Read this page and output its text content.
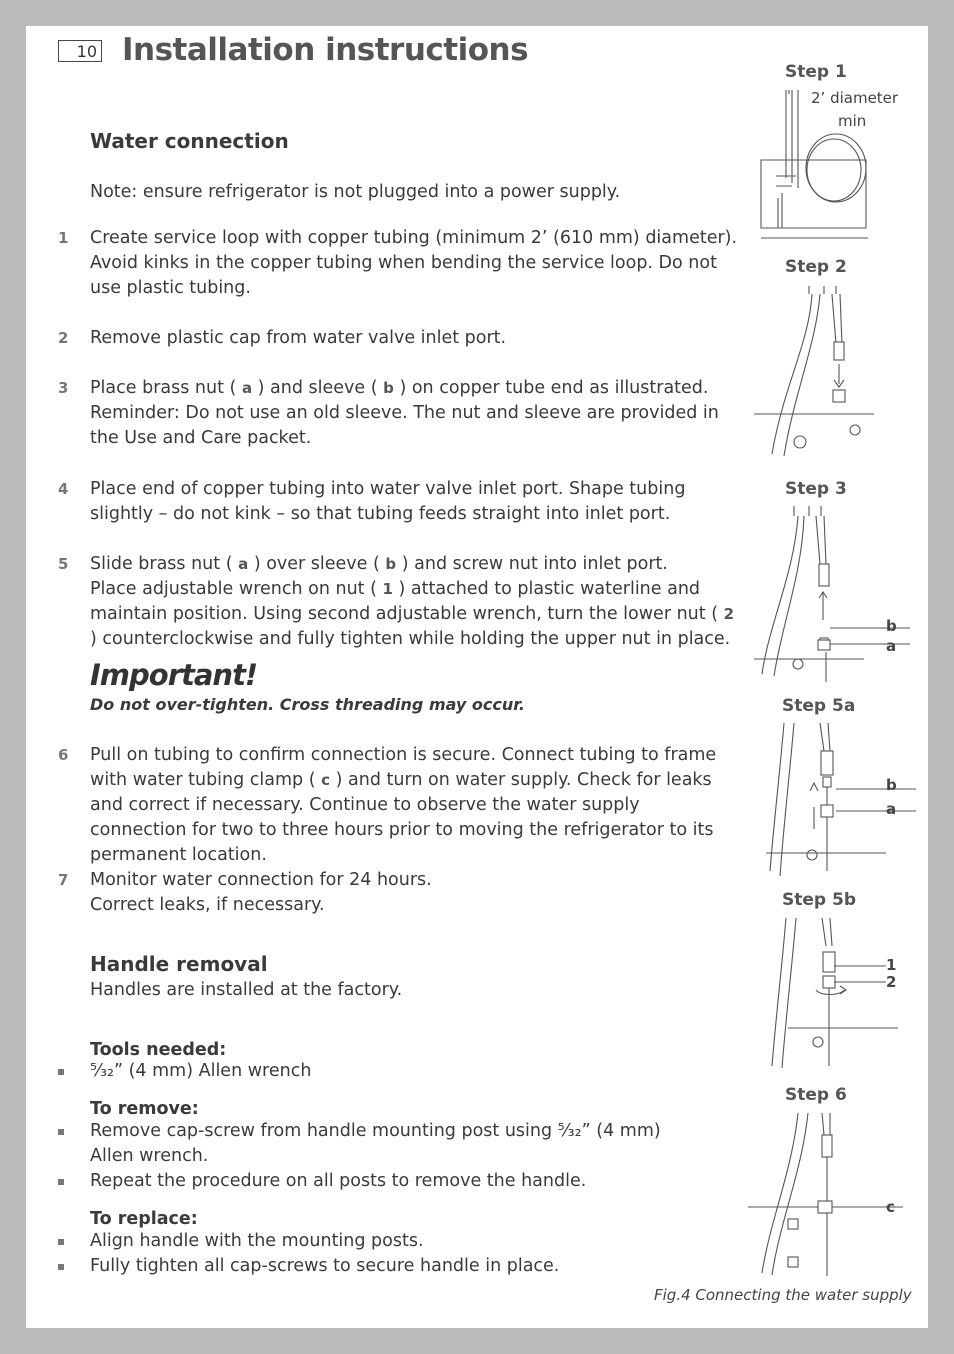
10 Installation instructions
Water connection
Note: ensure refrigerator is not plugged into a power supply.
1 Create service loop with copper tubing (minimum 2’ (610 mm) diameter). Avoid kinks in the copper tubing when bending the service loop. Do not use plastic tubing.
2 Remove plastic cap from water valve inlet port.
3 Place brass nut ( a ) and sleeve ( b ) on copper tube end as illustrated.
Reminder: Do not use an old sleeve. The nut and sleeve are provided in the Use and Care packet.
4 Place end of copper tubing into water valve inlet port. Shape tubing slightly – do not kink – so that tubing feeds straight into inlet port.
5 Slide brass nut ( a ) over sleeve ( b ) and screw nut into inlet port.
Place adjustable wrench on nut ( 1 ) attached to plastic waterline and maintain position. Using second adjustable wrench, turn the lower nut ( 2 ) counterclockwise and fully tighten while holding the upper nut in place.
Important!
Do not over-tighten. Cross threading may occur.
6 Pull on tubing to confirm connection is secure. Connect tubing to frame with water tubing clamp ( c ) and turn on water supply. Check for leaks and correct if necessary. Continue to observe the water supply connection for two to three hours prior to moving the refrigerator to its permanent location.
7 Monitor water connection for 24 hours.
Correct leaks, if necessary.
Handle removal
Handles are installed at the factory.
Tools needed:
⁵⁄₃₂” (4 mm) Allen wrench
To remove:
Remove cap-screw from handle mounting post using ⁵⁄₃₂” (4 mm) Allen wrench.
Repeat the procedure on all posts to remove the handle.
To replace:
Align handle with the mounting posts.
Fully tighten all cap-screws to secure handle in place.
Step 1
2’ diameter
min
Step 2
Step 3
b
a
Step 5a
b
a
Step 5b
1
2
Step 6
c
Fig.4 Connecting the water supply
